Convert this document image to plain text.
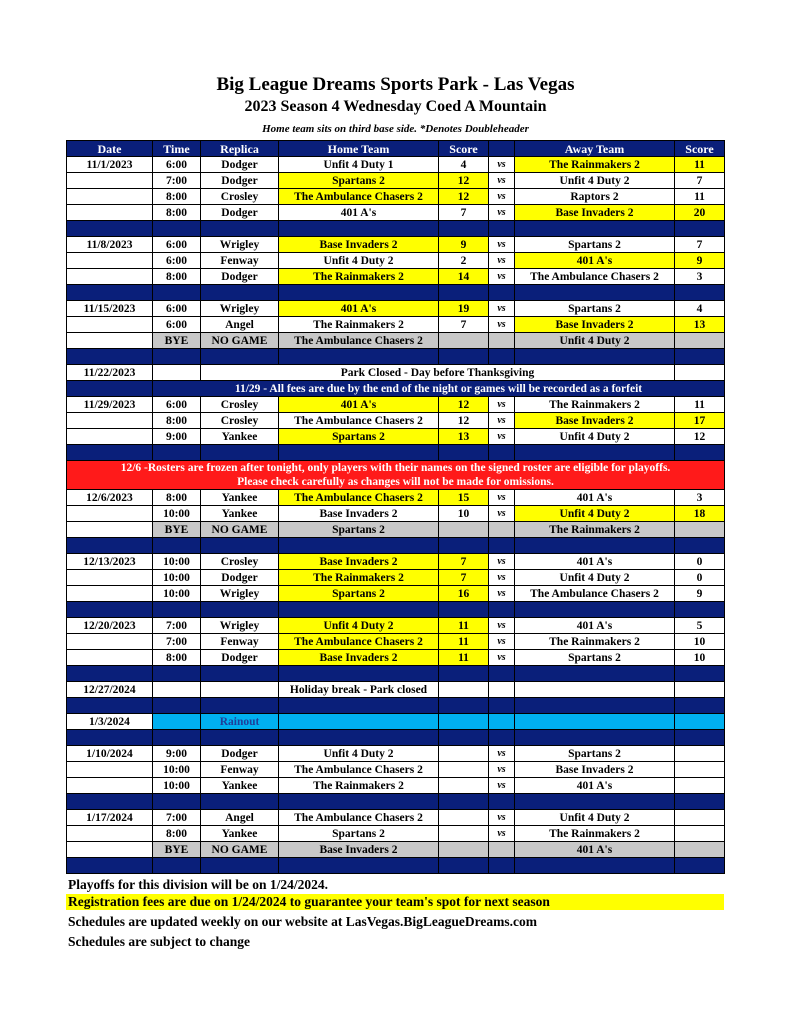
Big League Dreams Sports Park - Las Vegas
2023 Season 4 Wednesday Coed A Mountain
Home team sits on third base side. *Denotes Doubleheader
Date	Time	Replica	Home Team	Score		Away Team	Score
11/1/2023	6:00	Dodger	Unfit 4 Duty 1	4	vs	The Rainmakers 2	11
	7:00	Dodger	Spartans 2	12	vs	Unfit 4 Duty 2	7
	8:00	Crosley	The Ambulance Chasers 2	12	vs	Raptors 2	11
	8:00	Dodger	401 A's	7	vs	Base Invaders 2	20

11/8/2023	6:00	Wrigley	Base Invaders 2	9	vs	Spartans 2	7
	6:00	Fenway	Unfit 4 Duty 2	2	vs	401 A's	9
	8:00	Dodger	The Rainmakers 2	14	vs	The Ambulance Chasers 2	3

11/15/2023	6:00	Wrigley	401 A's	19	vs	Spartans 2	4
	6:00	Angel	The Rainmakers 2	7	vs	Base Invaders 2	13
	BYE	NO GAME	The Ambulance Chasers 2			Unfit 4 Duty 2	

11/22/2023		Park Closed - Day before Thanksgiving					
	11/29 - All fees are due by the end of the night or games will be recorded as a forfeit						
11/29/2023	6:00	Crosley	401 A's	12	vs	The Rainmakers 2	11
	8:00	Crosley	The Ambulance Chasers 2	12	vs	Base Invaders 2	17
	9:00	Yankee	Spartans 2	13	vs	Unfit 4 Duty 2	12

12/6 -Rosters are frozen after tonight, only players with their names on the signed roster are eligible for playoffs.
Please check carefully as changes will not be made for omissions.							

12/6/2023	8:00	Yankee	The Ambulance Chasers 2	15	vs	401 A's	3
	10:00	Yankee	Base Invaders 2	10	vs	Unfit 4 Duty 2	18
	BYE	NO GAME	Spartans 2			The Rainmakers 2	

12/13/2023	10:00	Crosley	Base Invaders 2	7	vs	401 A's	0
	10:00	Dodger	The Rainmakers 2	7	vs	Unfit 4 Duty 2	0
	10:00	Wrigley	Spartans 2	16	vs	The Ambulance Chasers 2	9

12/20/2023	7:00	Wrigley	Unfit 4 Duty 2	11	vs	401 A's	5
	7:00	Fenway	The Ambulance Chasers 2	11	vs	The Rainmakers 2	10
	8:00	Dodger	Base Invaders 2	11	vs	Spartans 2	10

12/27/2024			Holiday break - Park closed				

1/3/2024		Rainout					

1/10/2024	9:00	Dodger	Unfit 4 Duty 2		vs	Spartans 2	
	10:00	Fenway	The Ambulance Chasers 2		vs	Base Invaders 2	
	10:00	Yankee	The Rainmakers 2		vs	401 A's	

1/17/2024	7:00	Angel	The Ambulance Chasers 2		vs	Unfit 4 Duty 2	
	8:00	Yankee	Spartans 2		vs	The Rainmakers 2	
	BYE	NO GAME	Base Invaders 2			401 A's	

Playoffs for this division will be on 1/24/2024.
Registration fees are due on 1/24/2024 to guarantee your team's spot for next season
Schedules are updated weekly on our website at LasVegas.BigLeagueDreams.com
Schedules are subject to change
